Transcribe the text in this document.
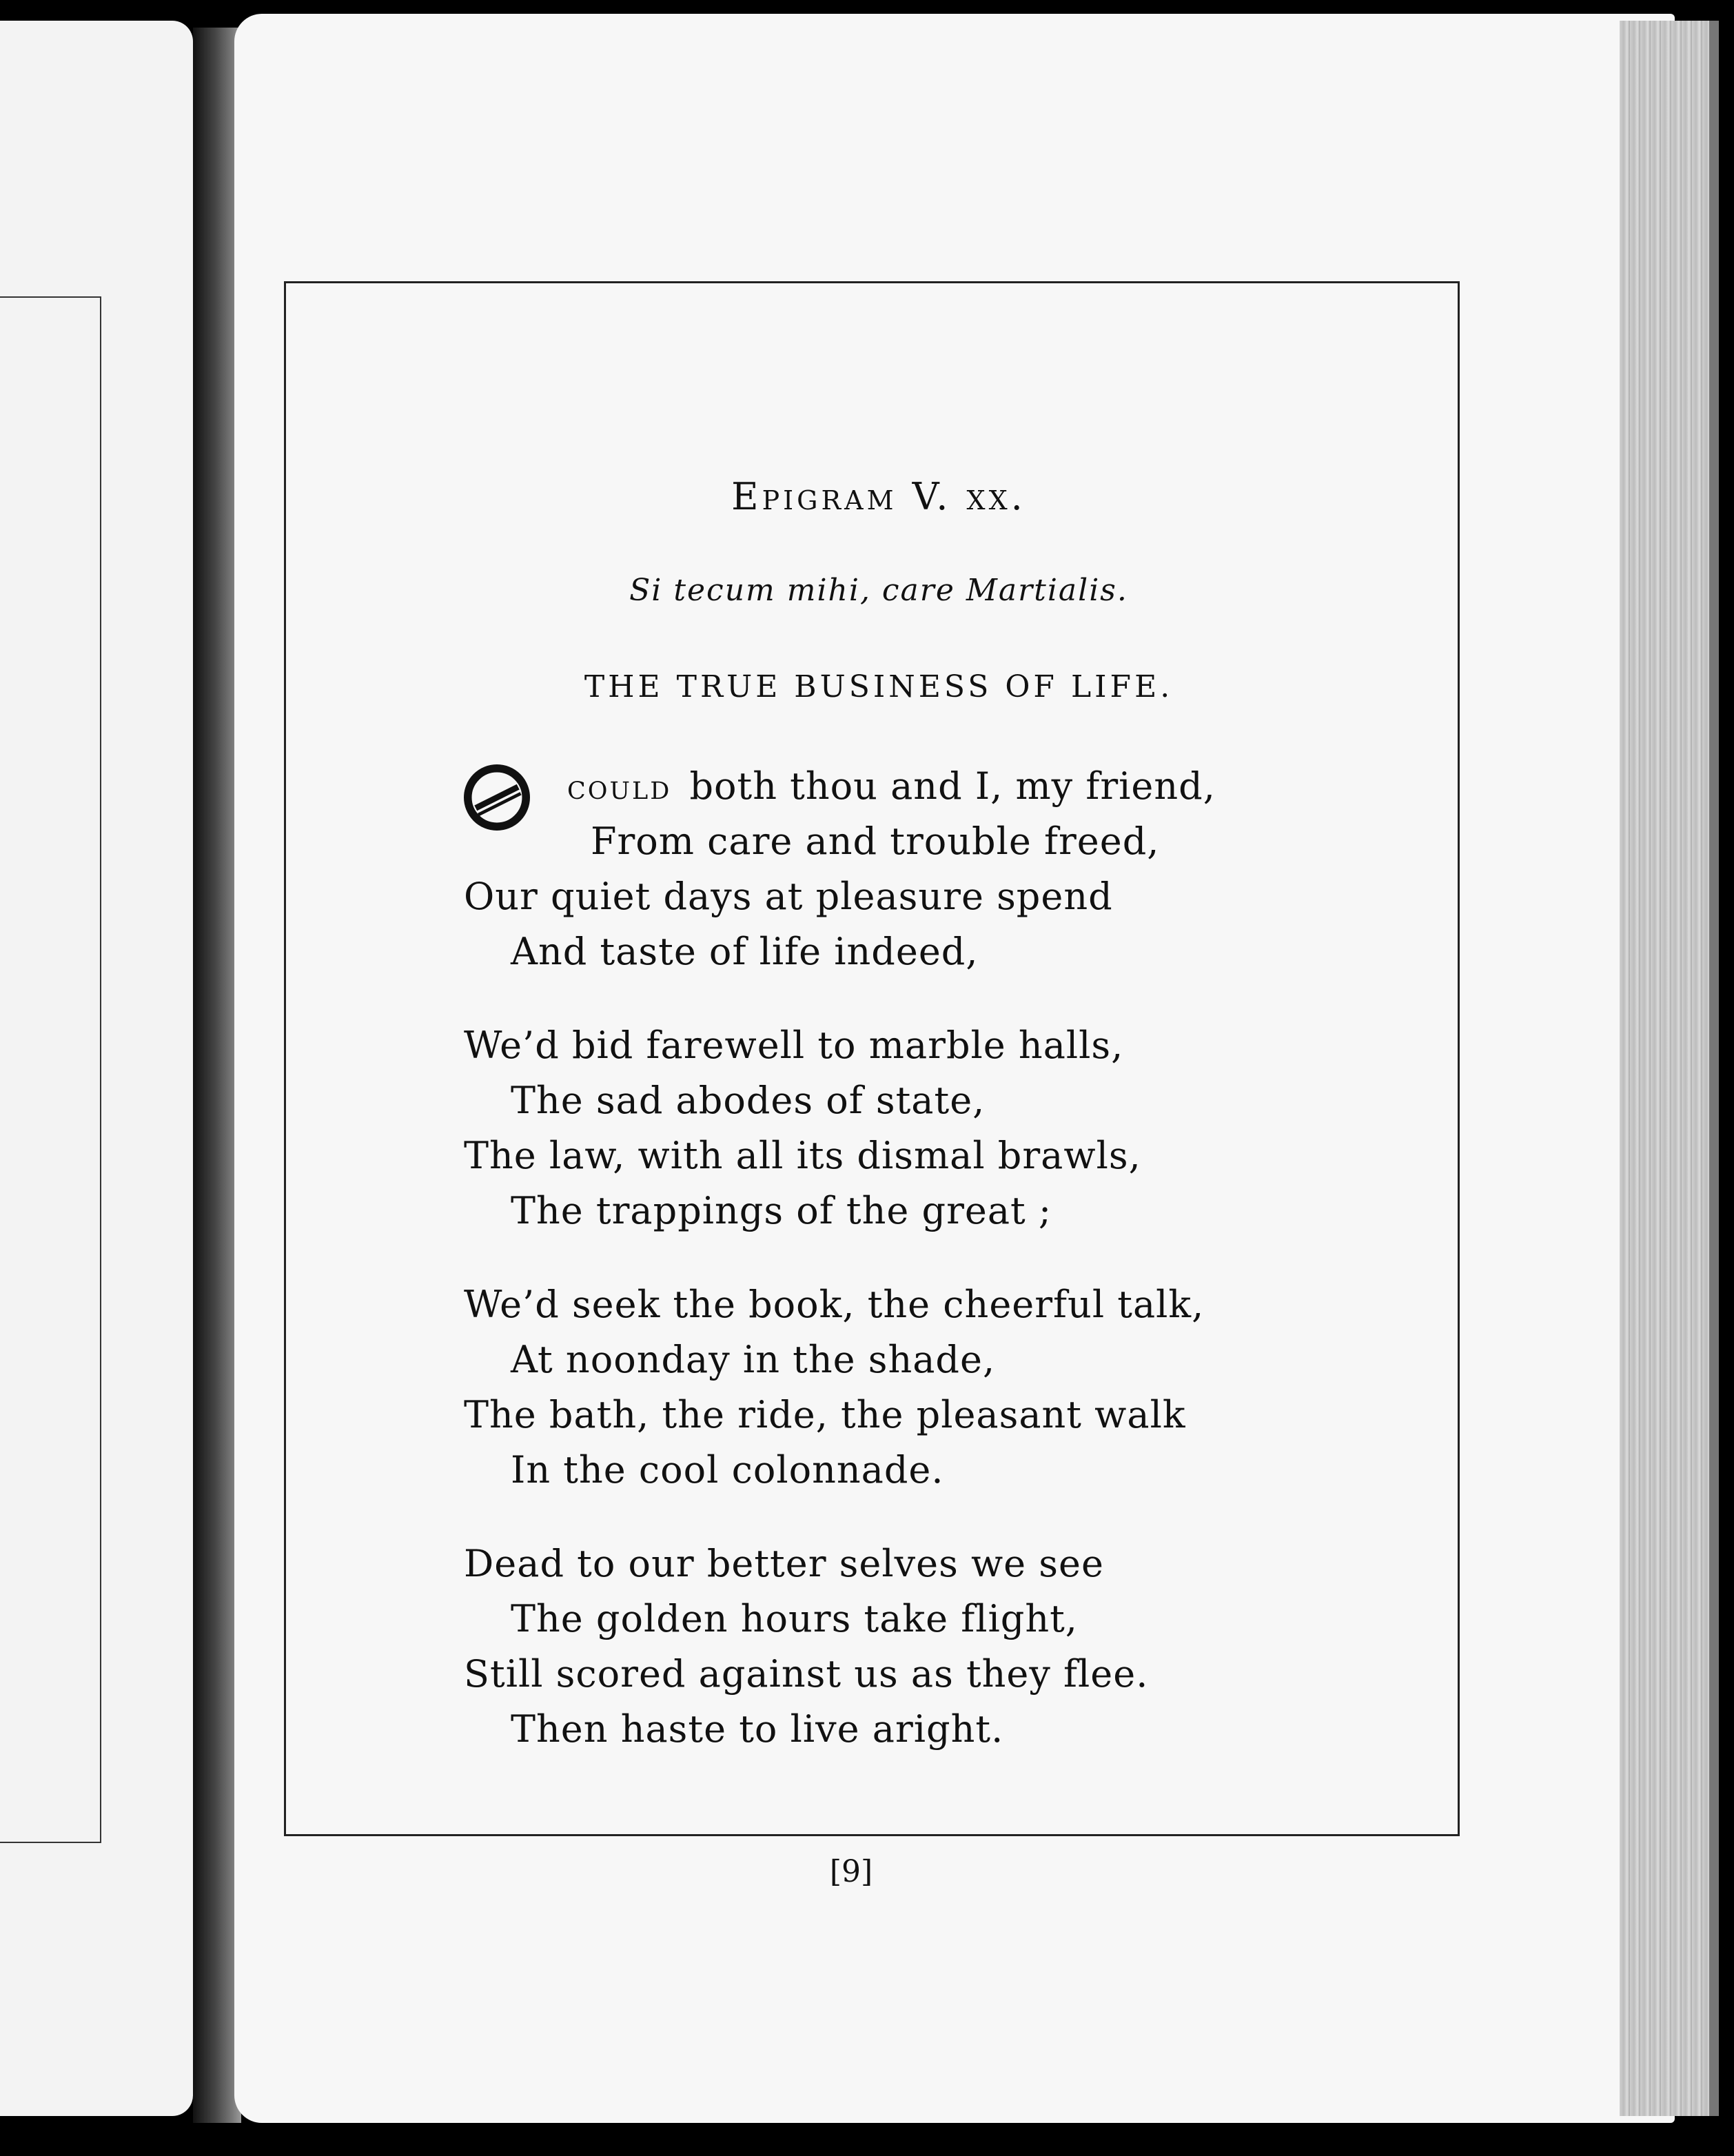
Epigram V. xx.
Si tecum mihi, care Martialis.
THE TRUE BUSINESS OF LIFE.
could both thou and I, my friend,
From care and trouble freed,
Our quiet days at pleasure spend
And taste of life indeed,
We’d bid farewell to marble halls,
The sad abodes of state,
The law, with all its dismal brawls,
The trappings of the great ;
We’d seek the book, the cheerful talk,
At noonday in the shade,
The bath, the ride, the pleasant walk
In the cool colonnade.
Dead to our better selves we see
The golden hours take flight,
Still scored against us as they flee.
Then haste to live aright.
[9]
